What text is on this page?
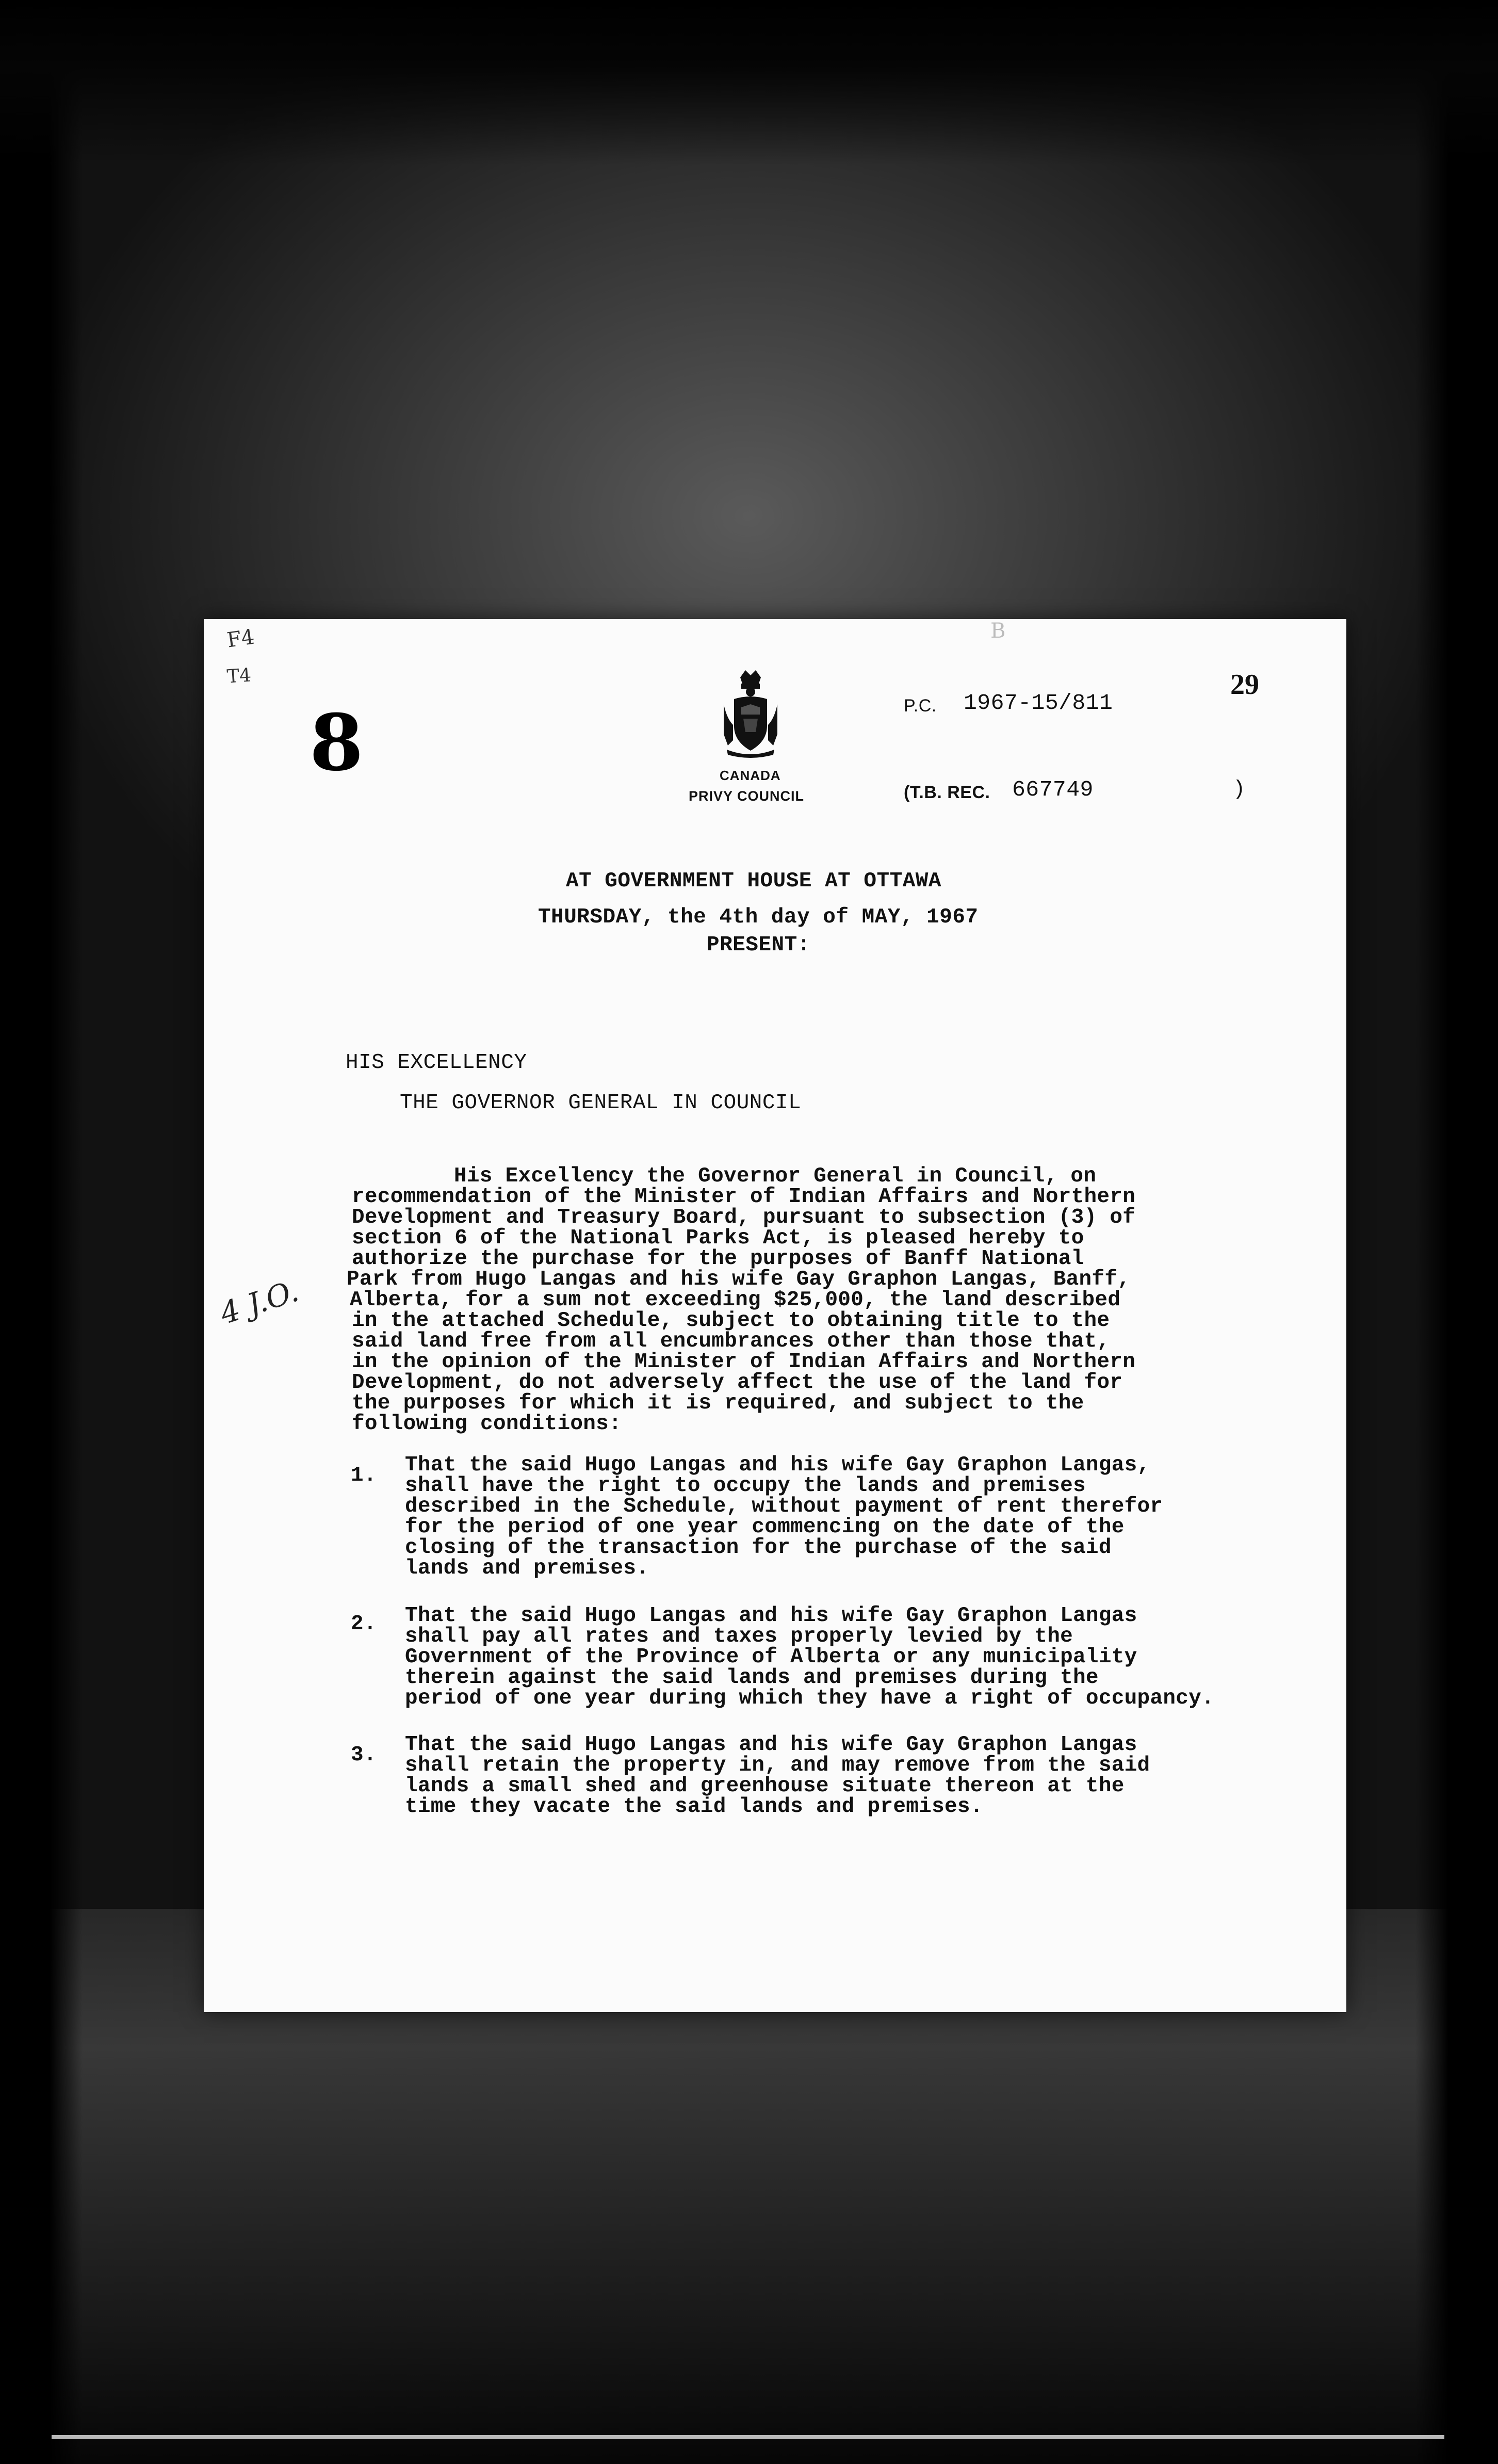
F4
T4
B
8
4 J.O.
CANADA
PRIVY COUNCIL
P.C. 1967-15/811
(T.B. REC. 667749	)
29
AT GOVERNMENT HOUSE AT OTTAWA
THURSDAY, the 4th day of MAY, 1967
PRESENT:
HIS EXCELLENCY
THE GOVERNOR GENERAL IN COUNCIL
His Excellency the Governor General in Council, on
recommendation of the Minister of Indian Affairs and Northern
Development and Treasury Board, pursuant to subsection (3) of
section 6 of the National Parks Act, is pleased hereby to
authorize the purchase for the purposes of Banff National
Park from Hugo Langas and his wife Gay Graphon Langas, Banff,
Alberta, for a sum not exceeding $25,000, the land described
in the attached Schedule, subject to obtaining title to the
said land free from all encumbrances other than those that,
in the opinion of the Minister of Indian Affairs and Northern
Development, do not adversely affect the use of the land for
the purposes for which it is required, and subject to the
following conditions:
1. That the said Hugo Langas and his wife Gay Graphon Langas,
shall have the right to occupy the lands and premises
described in the Schedule, without payment of rent therefor
for the period of one year commencing on the date of the
closing of the transaction for the purchase of the said
lands and premises.
2. That the said Hugo Langas and his wife Gay Graphon Langas
shall pay all rates and taxes properly levied by the
Government of the Province of Alberta or any municipality
therein against the said lands and premises during the
period of one year during which they have a right of occupancy.
3. That the said Hugo Langas and his wife Gay Graphon Langas
shall retain the property in, and may remove from the said
lands a small shed and greenhouse situate thereon at the
time they vacate the said lands and premises.
